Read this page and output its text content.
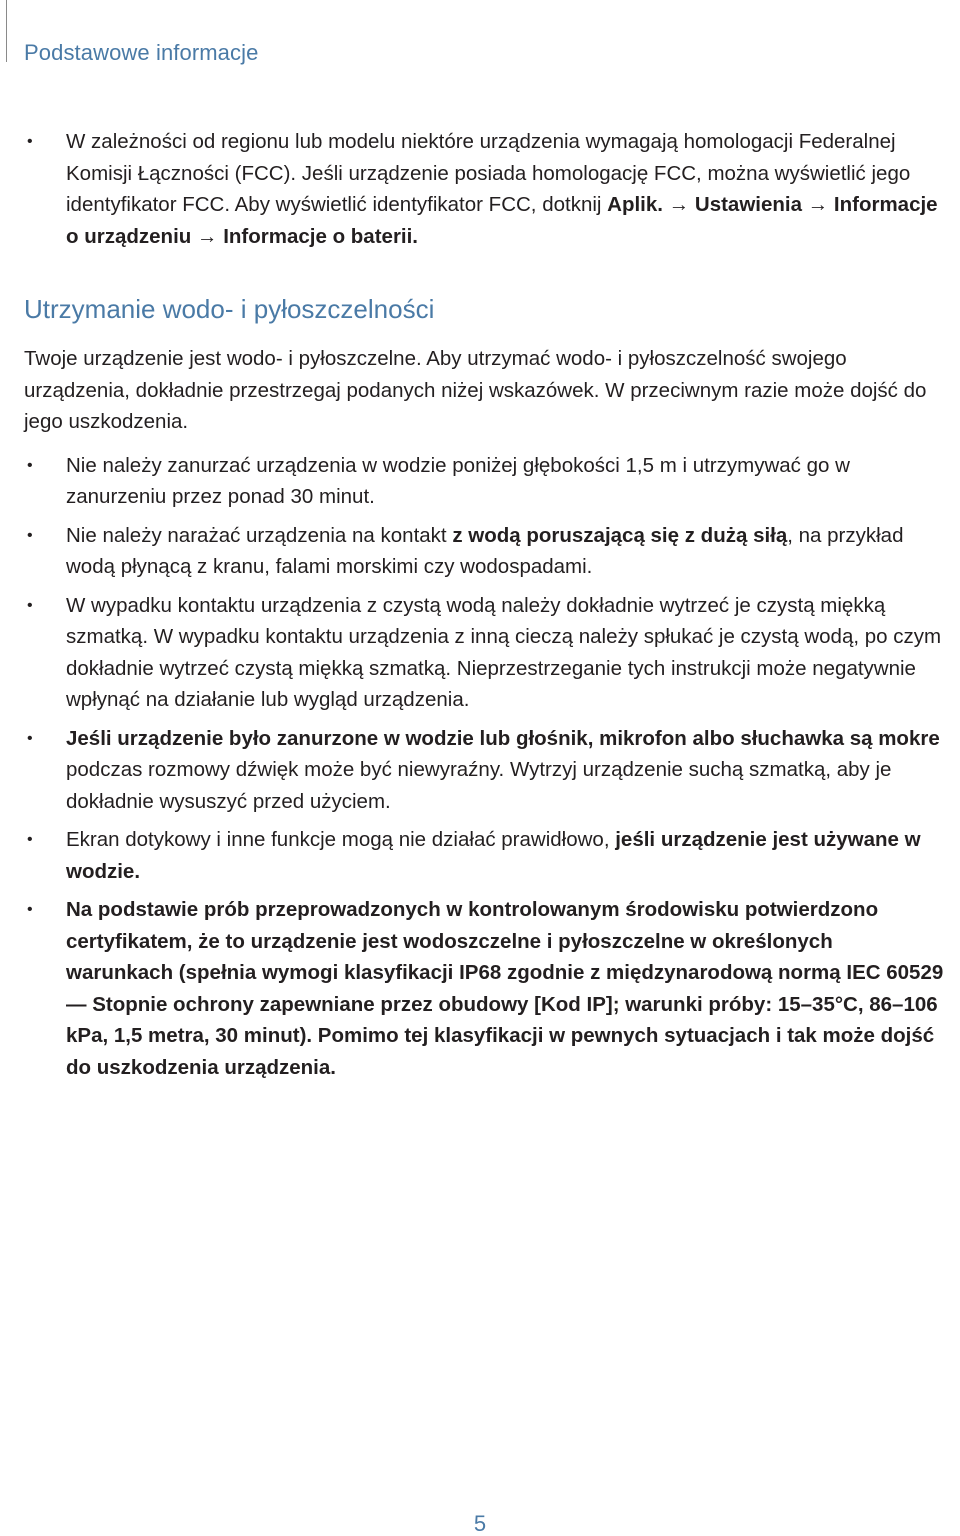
Podstawowe informacje
• W zależności od regionu lub modelu niektóre urządzenia wymagają homologacji Federalnej Komisji Łączności (FCC). Jeśli urządzenie posiada homologację FCC, można wyświetlić jego identyfikator FCC. Aby wyświetlić identyfikator FCC, dotknij Aplik. → Ustawienia → Informacje o urządzeniu → Informacje o baterii.
Utrzymanie wodo- i pyłoszczelności
Twoje urządzenie jest wodo- i pyłoszczelne. Aby utrzymać wodo- i pyłoszczelność swojego urządzenia, dokładnie przestrzegaj podanych niżej wskazówek. W przeciwnym razie może dojść do jego uszkodzenia.
• Nie należy zanurzać urządzenia w wodzie poniżej głębokości 1,5 m i utrzymywać go w zanurzeniu przez ponad 30 minut.
• Nie należy narażać urządzenia na kontakt z wodą poruszającą się z dużą siłą, na przykład wodą płynącą z kranu, falami morskimi czy wodospadami.
• W wypadku kontaktu urządzenia z czystą wodą należy dokładnie wytrzeć je czystą miękką szmatką. W wypadku kontaktu urządzenia z inną cieczą należy spłukać je czystą wodą, po czym dokładnie wytrzeć czystą miękką szmatką. Nieprzestrzeganie tych instrukcji może negatywnie wpłynąć na działanie lub wygląd urządzenia.
• Jeśli urządzenie było zanurzone w wodzie lub głośnik, mikrofon albo słuchawka są mokre podczas rozmowy dźwięk może być niewyraźny. Wytrzyj urządzenie suchą szmatką, aby je dokładnie wysuszyć przed użyciem.
• Ekran dotykowy i inne funkcje mogą nie działać prawidłowo, jeśli urządzenie jest używane w wodzie.
• Na podstawie prób przeprowadzonych w kontrolowanym środowisku potwierdzono certyfikatem, że to urządzenie jest wodoszczelne i pyłoszczelne w określonych warunkach (spełnia wymogi klasyfikacji IP68 zgodnie z międzynarodową normą IEC 60529 — Stopnie ochrony zapewniane przez obudowy [Kod IP]; warunki próby: 15–35°C, 86–106 kPa, 1,5 metra, 30 minut). Pomimo tej klasyfikacji w pewnych sytuacjach i tak może dojść do uszkodzenia urządzenia.
5
